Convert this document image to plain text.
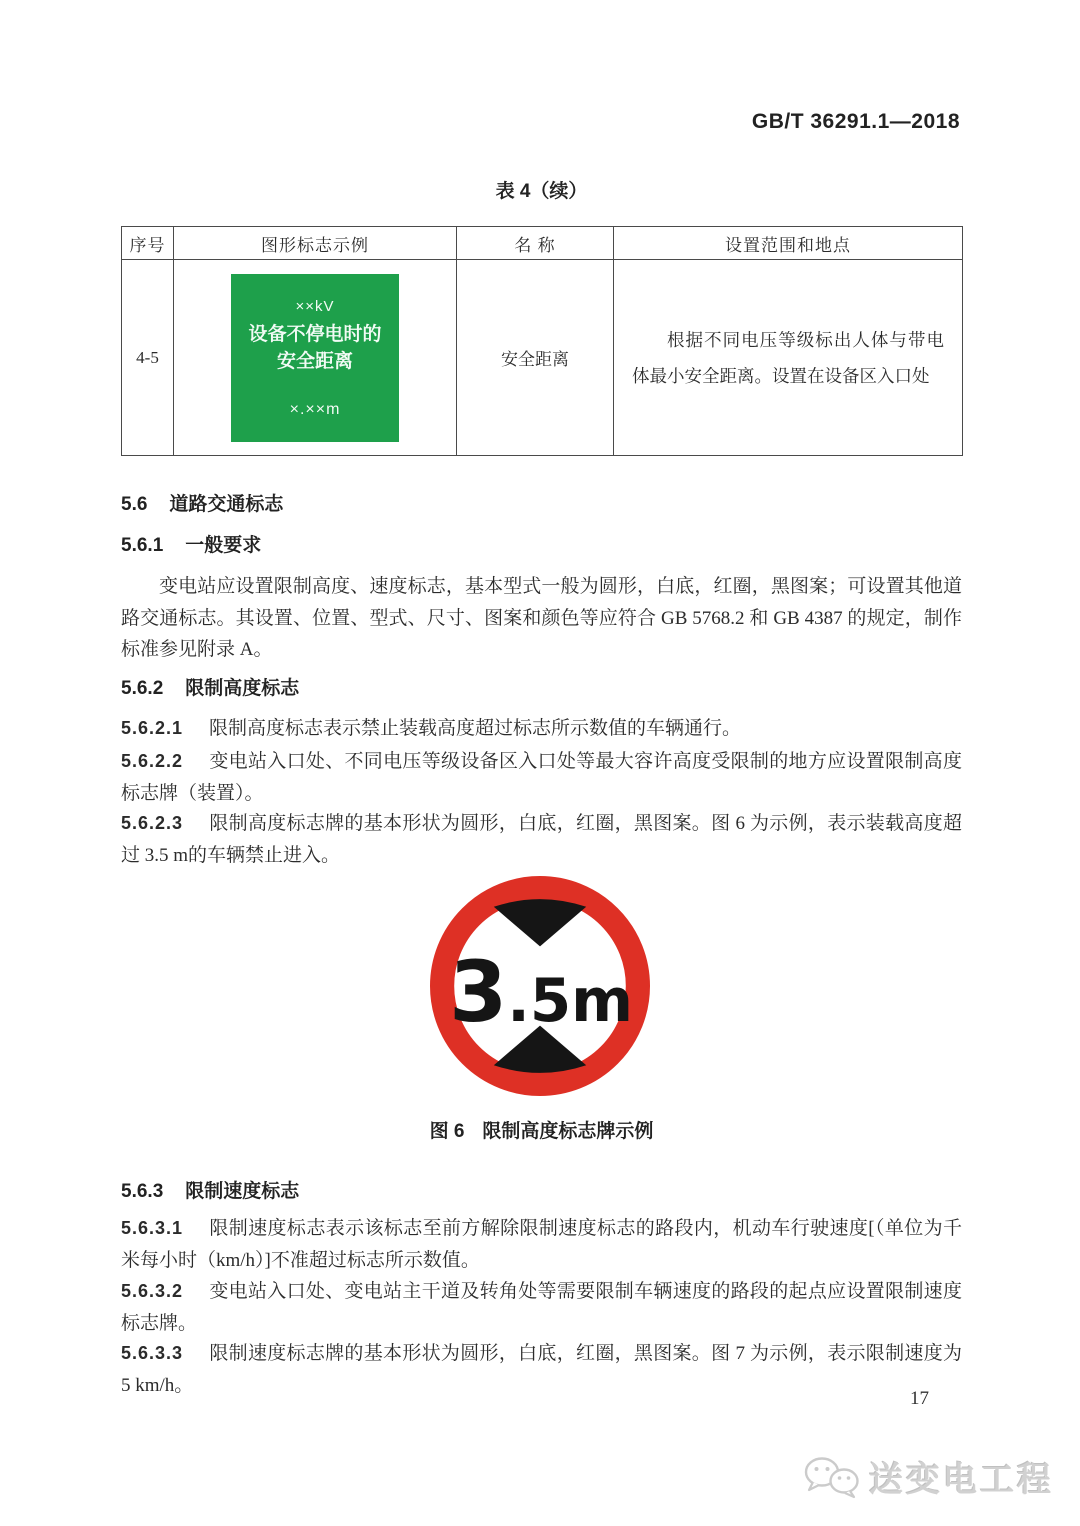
GB/T 36291.1—2018
表 4（续）
序号	图形标志示例	名 称	设置范围和地点
4-5	××kV
设备不停电时的
安全距离
×.××m	安全距离	根据不同电压等级标出人体与带电体最小安全距离。设置在设备区入口处
5.6 道路交通标志
5.6.1 一般要求

变电站应设置限制高度、速度标志，基本型式一般为圆形，白底，红圈，黑图案；可设置其他道路交通标志。其设置、位置、型式、尺寸、图案和颜色等应符合 GB 5768.2 和 GB 4387 的规定，制作标准参见附录 A。

5.6.2 限制高度标志

5.6.2.1 限制高度标志表示禁止装载高度超过标志所示数值的车辆通行。

5.6.2.2 变电站入口处、不同电压等级设备区入口处等最大容许高度受限制的地方应设置限制高度标志牌（装置）。

5.6.2.3 限制高度标志牌的基本形状为圆形，白底，红圈，黑图案。图 6 为示例，表示装载高度超过 3.5 m的车辆禁止进入。

3.5m
图 6 限制高度标志牌示例
5.6.3 限制速度标志

5.6.3.1 限制速度标志表示该标志至前方解除限制速度标志的路段内，机动车行驶速度[（单位为千米每小时（km/h）]不准超过标志所示数值。

5.6.3.2 变电站入口处、变电站主干道及转角处等需要限制车辆速度的路段的起点应设置限制速度标志牌。

5.6.3.3 限制速度标志牌的基本形状为圆形，白底，红圈，黑图案。图 7 为示例，表示限制速度为 5 km/h。

17
送变电工程
